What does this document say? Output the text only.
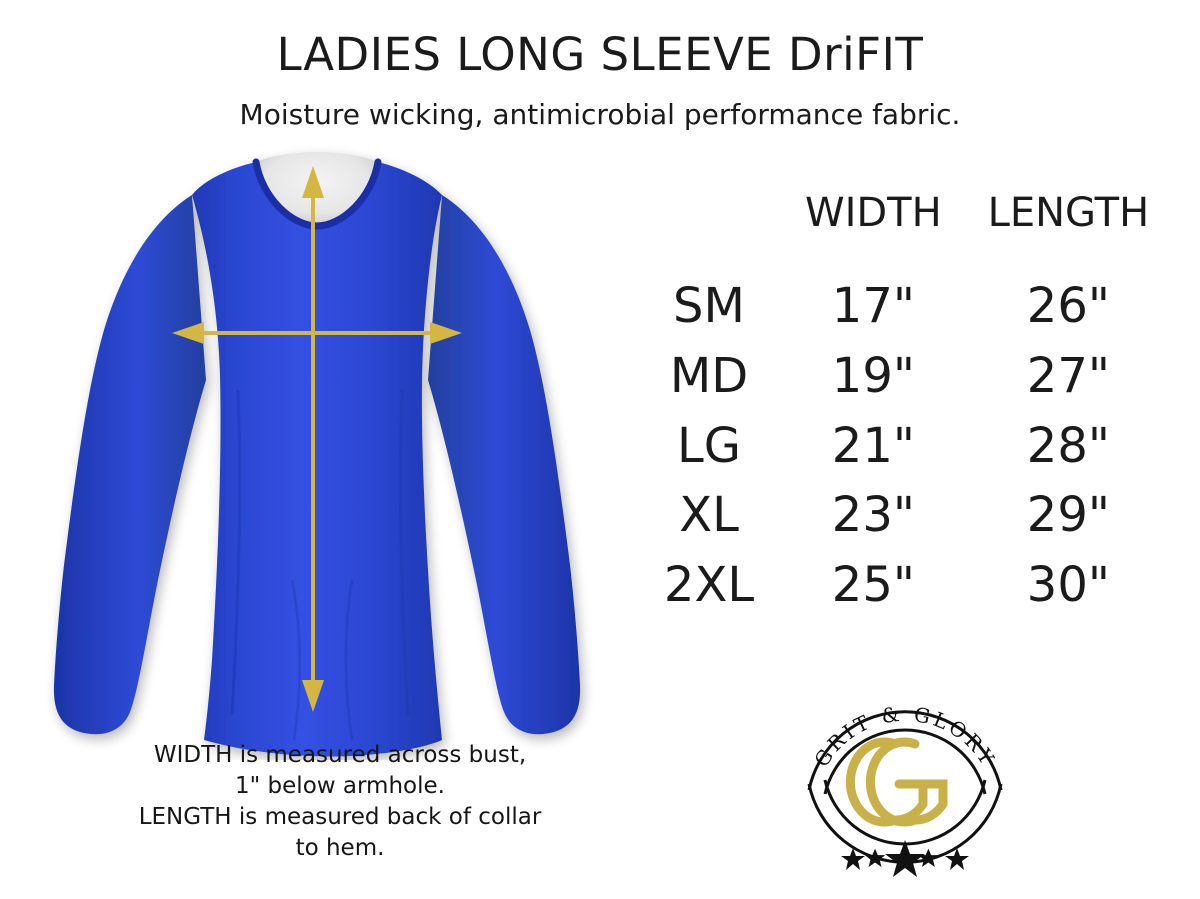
LADIES LONG SLEEVE DriFIT
Moisture wicking, antimicrobial performance fabric.
WIDTH is measured across bust,
1" below armhole.
LENGTH is measured back of collar
to hem.
	WIDTH	LENGTH
SM	17"	26"
MD	19"	27"
LG	21"	28"
XL	23"	29"
2XL	25"	30"
GRIT & GLORY
